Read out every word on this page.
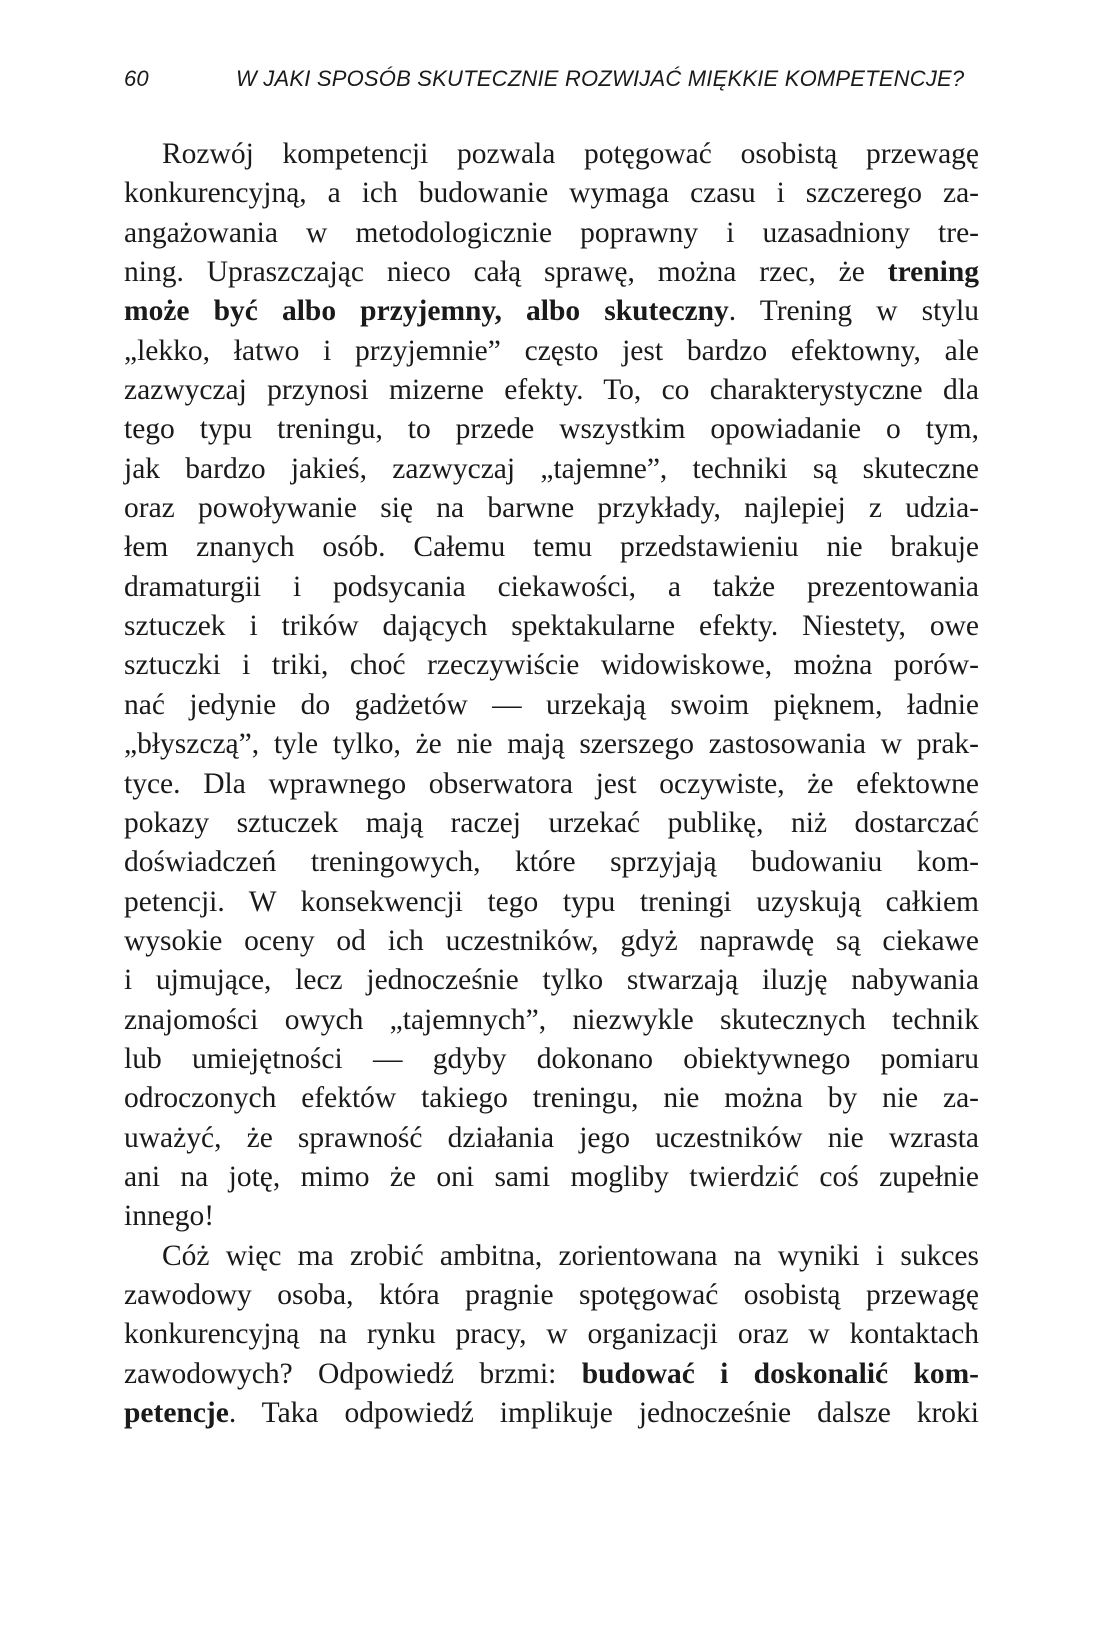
60	W JAKI SPOSÓB SKUTECZNIE ROZWIJAĆ MIĘKKIE KOMPETENCJE?
Rozwój kompetencji pozwala potęgować osobistą przewagę
konkurencyjną, a ich budowanie wymaga czasu i szczerego za-
angażowania w metodologicznie poprawny i uzasadniony tre-
ning. Upraszczając nieco całą sprawę, można rzec, że trening
może być albo przyjemny, albo skuteczny. Trening w stylu
„lekko, łatwo i przyjemnie” często jest bardzo efektowny, ale
zazwyczaj przynosi mizerne efekty. To, co charakterystyczne dla
tego typu treningu, to przede wszystkim opowiadanie o tym,
jak bardzo jakieś, zazwyczaj „tajemne”, techniki są skuteczne
oraz powoływanie się na barwne przykłady, najlepiej z udzia-
łem znanych osób. Całemu temu przedstawieniu nie brakuje
dramaturgii i podsycania ciekawości, a także prezentowania
sztuczek i trików dających spektakularne efekty. Niestety, owe
sztuczki i triki, choć rzeczywiście widowiskowe, można porów-
nać jedynie do gadżetów — urzekają swoim pięknem, ładnie
„błyszczą”, tyle tylko, że nie mają szerszego zastosowania w prak-
tyce. Dla wprawnego obserwatora jest oczywiste, że efektowne
pokazy sztuczek mają raczej urzekać publikę, niż dostarczać
doświadczeń treningowych, które sprzyjają budowaniu kom-
petencji. W konsekwencji tego typu treningi uzyskują całkiem
wysokie oceny od ich uczestników, gdyż naprawdę są ciekawe
i ujmujące, lecz jednocześnie tylko stwarzają iluzję nabywania
znajomości owych „tajemnych”, niezwykle skutecznych technik
lub umiejętności — gdyby dokonano obiektywnego pomiaru
odroczonych efektów takiego treningu, nie można by nie za-
uważyć, że sprawność działania jego uczestników nie wzrasta
ani na jotę, mimo że oni sami mogliby twierdzić coś zupełnie
innego!
Cóż więc ma zrobić ambitna, zorientowana na wyniki i sukces
zawodowy osoba, która pragnie spotęgować osobistą przewagę
konkurencyjną na rynku pracy, w organizacji oraz w kontaktach
zawodowych? Odpowiedź brzmi: budować i doskonalić kom-
petencje. Taka odpowiedź implikuje jednocześnie dalsze kroki
